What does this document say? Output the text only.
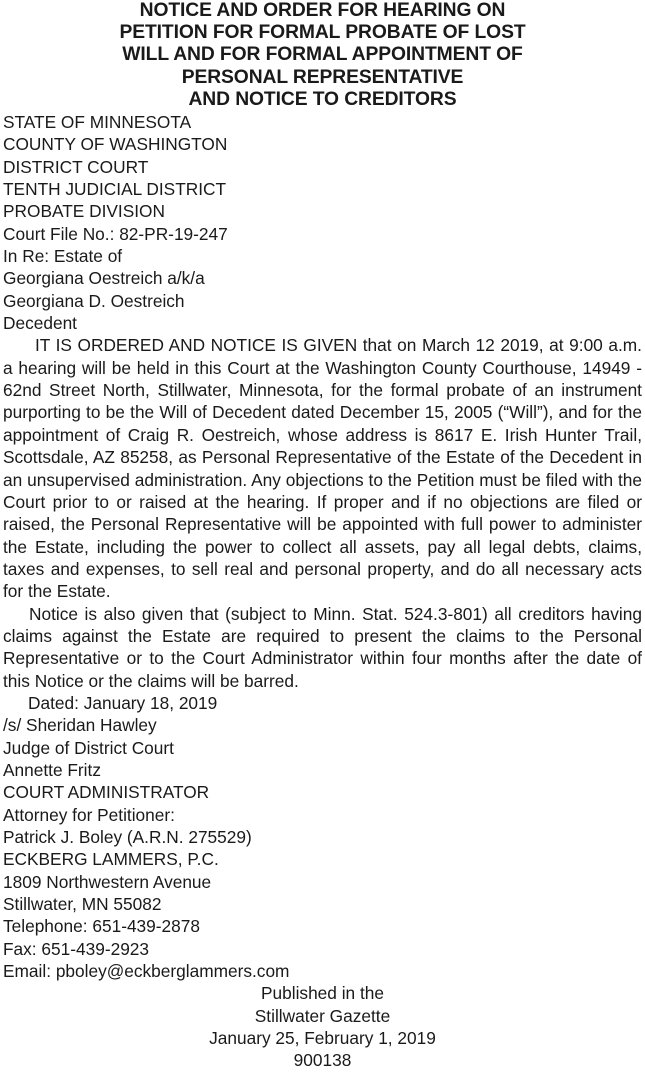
NOTICE AND ORDER FOR HEARING ON
PETITION FOR FORMAL PROBATE OF LOST
WILL AND FOR FORMAL APPOINTMENT OF
PERSONAL REPRESENTATIVE
AND NOTICE TO CREDITORS
STATE OF MINNESOTA
COUNTY OF WASHINGTON
DISTRICT COURT
TENTH JUDICIAL DISTRICT
PROBATE DIVISION
Court File No.: 82-PR-19-247
In Re: Estate of
Georgiana Oestreich a/k/a
Georgiana D. Oestreich
Decedent

IT IS ORDERED AND NOTICE IS GIVEN that on March 12 2019, at 9:00 a.m. a hearing will be held in this Court at the Washington County Courthouse, 14949 - 62nd Street North, Stillwater, Minnesota, for the formal probate of an instrument purporting to be the Will of Decedent dated December 15, 2005 (“Will”), and for the appointment of Craig R. Oestreich, whose address is 8617 E. Irish Hunter Trail, Scottsdale, AZ 85258, as Personal Representative of the Estate of the Decedent in an unsupervised administration. Any objections to the Petition must be filed with the Court prior to or raised at the hearing. If proper and if no objections are filed or raised, the Personal Representative will be appointed with full power to administer the Estate, including the power to collect all assets, pay all legal debts, claims, taxes and expenses, to sell real and personal property, and do all necessary acts for the Estate.

Notice is also given that (subject to Minn. Stat. 524.3-801) all creditors having claims against the Estate are required to present the claims to the Personal Representative or to the Court Administrator within four months after the date of this Notice or the claims will be barred.

Dated: January 18, 2019
/s/ Sheridan Hawley
Judge of District Court
Annette Fritz
COURT ADMINISTRATOR
Attorney for Petitioner:
Patrick J. Boley (A.R.N. 275529)
ECKBERG LAMMERS, P.C.
1809 Northwestern Avenue
Stillwater, MN 55082
Telephone: 651-439-2878
Fax: 651-439-2923
Email: pboley@eckberglammers.com
Published in the
Stillwater Gazette
January 25, February 1, 2019
900138
